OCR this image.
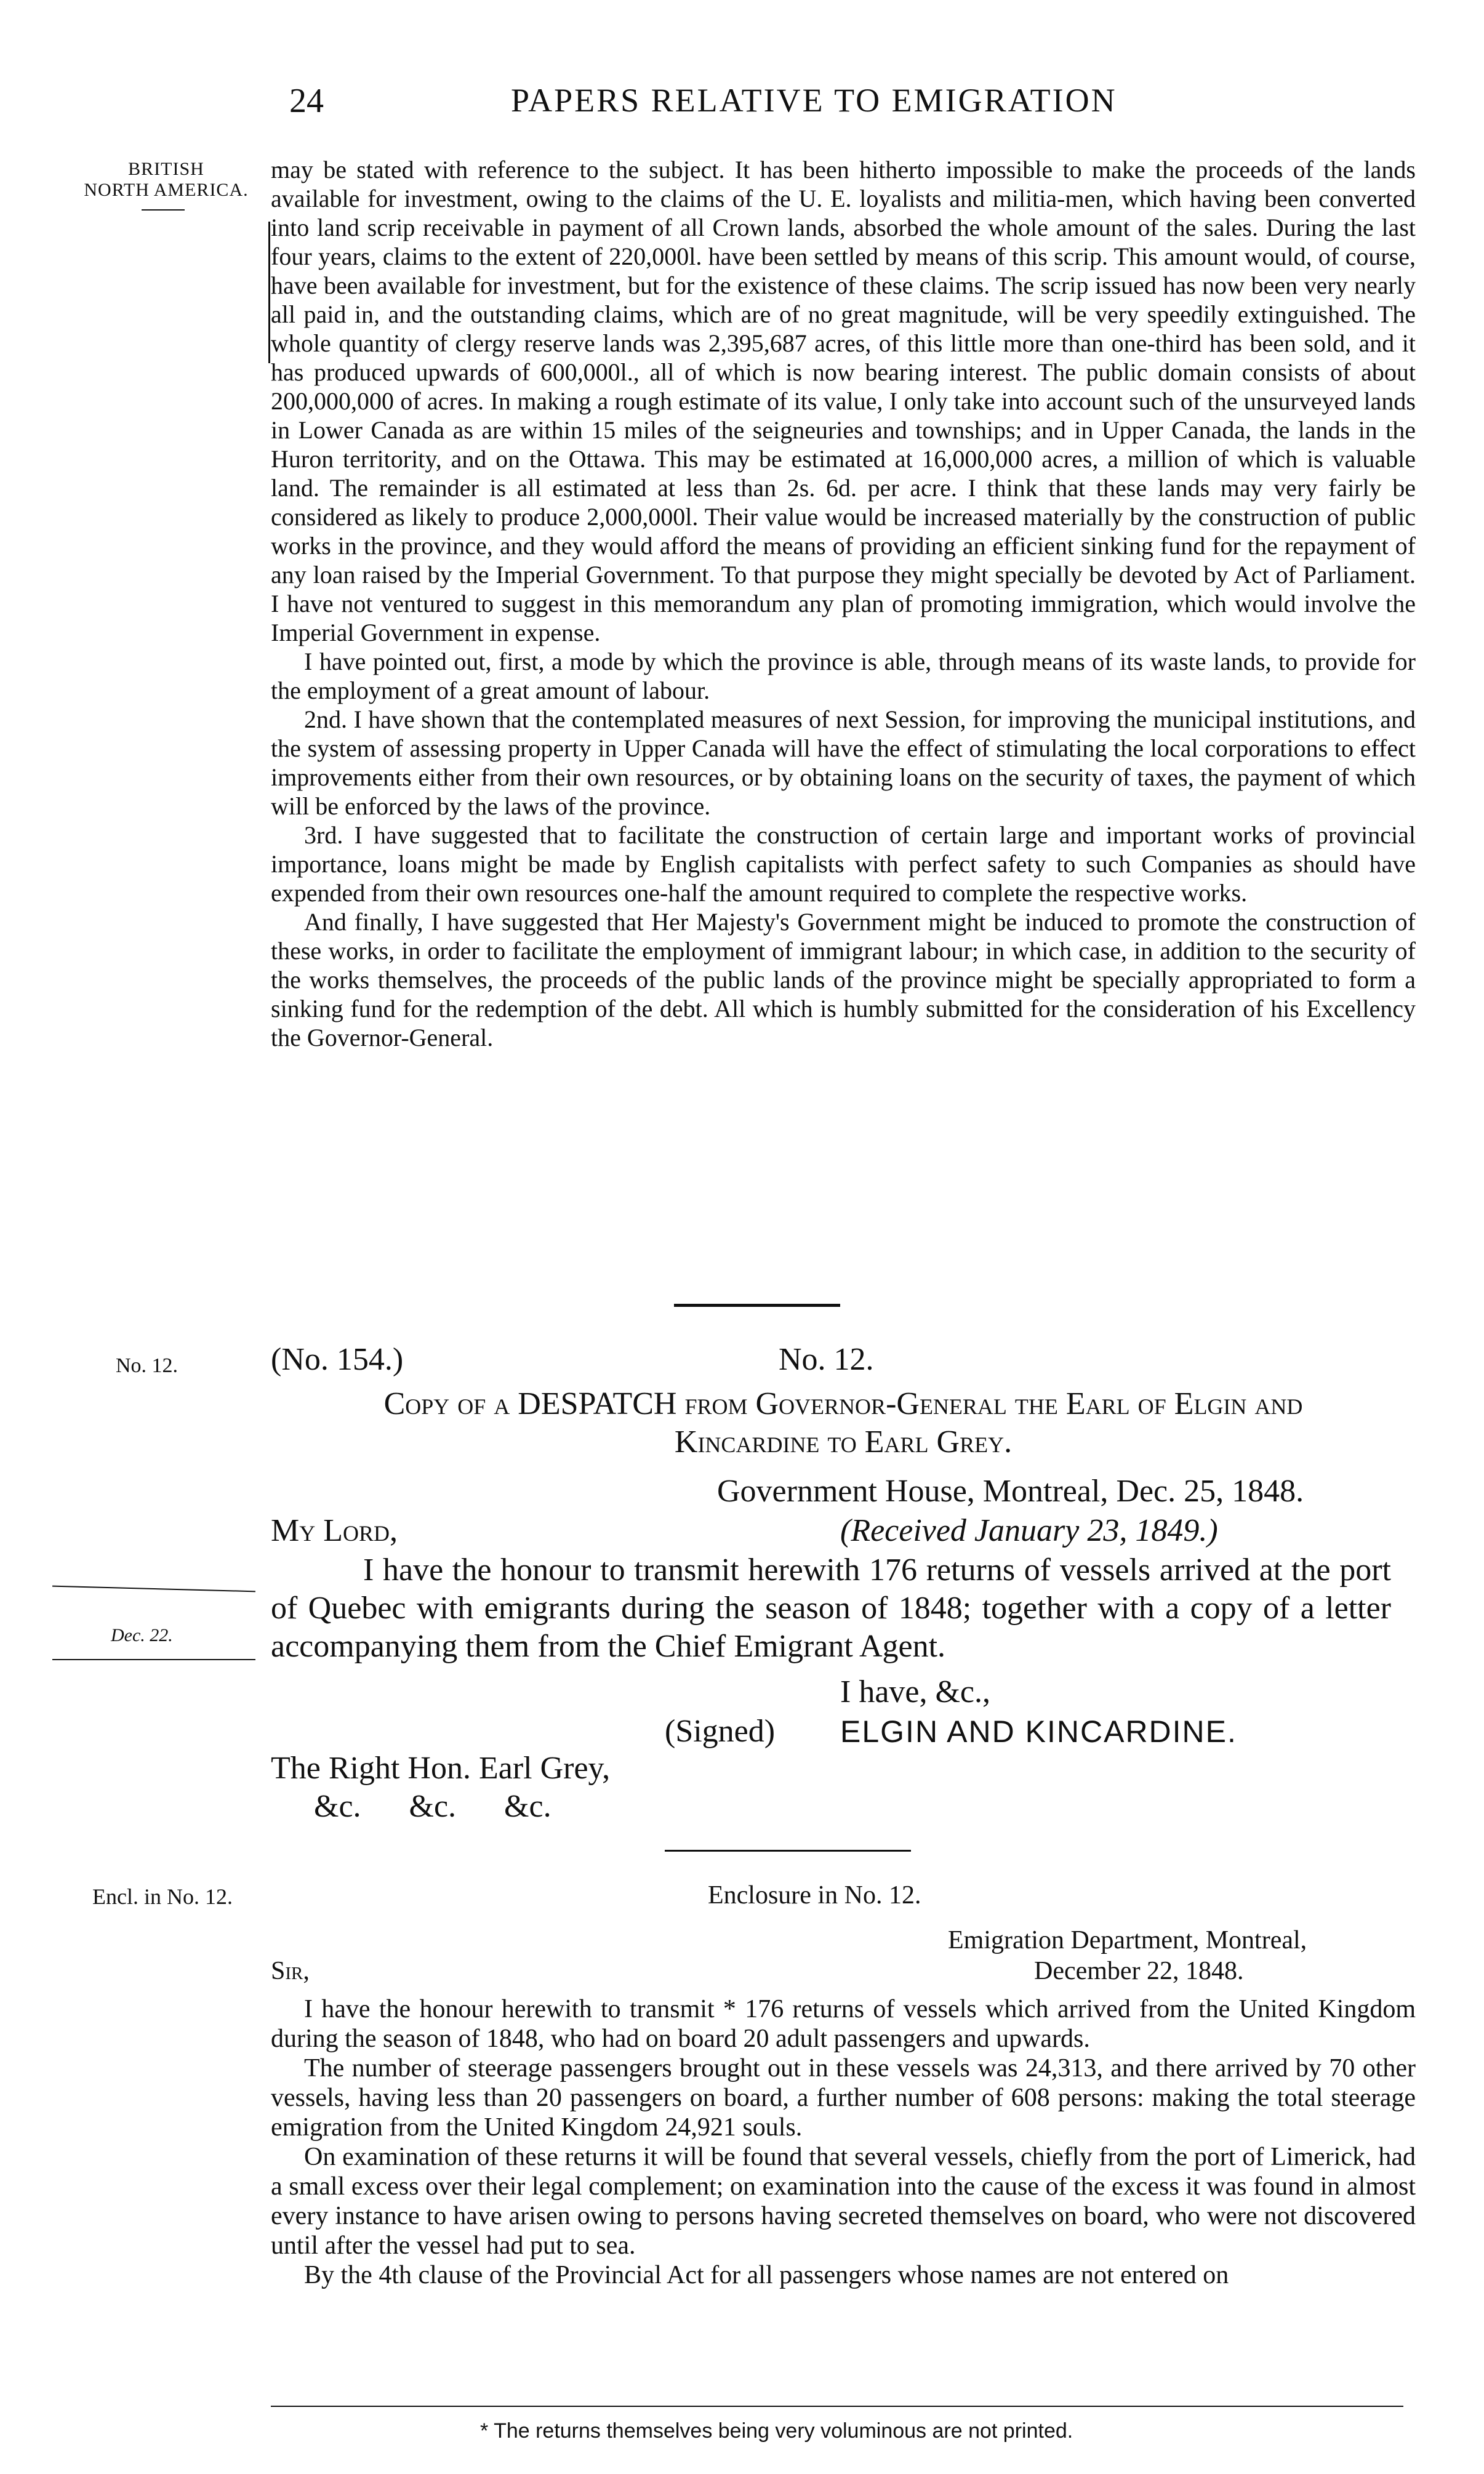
24	PAPERS RELATIVE TO EMIGRATION
BRITISH
NORTH AMERICA.

may be stated with reference to the subject. It has been hitherto impossible to make the proceeds of the lands available for investment, owing to the claims of the U. E. loyalists and militia-men, which having been converted into land scrip receivable in payment of all Crown lands, absorbed the whole amount of the sales. During the last four years, claims to the extent of 220,000l. have been settled by means of this scrip. This amount would, of course, have been available for investment, but for the existence of these claims. The scrip issued has now been very nearly all paid in, and the outstanding claims, which are of no great magnitude, will be very speedily extinguished. The whole quantity of clergy reserve lands was 2,395,687 acres, of this little more than one-third has been sold, and it has produced upwards of 600,000l., all of which is now bearing interest. The public domain consists of about 200,000,000 of acres. In making a rough estimate of its value, I only take into account such of the unsurveyed lands in Lower Canada as are within 15 miles of the seigneuries and townships; and in Upper Canada, the lands in the Huron territority, and on the Ottawa. This may be estimated at 16,000,000 acres, a million of which is valuable land. The remainder is all estimated at less than 2s. 6d. per acre. I think that these lands may very fairly be considered as likely to produce 2,000,000l. Their value would be increased materially by the construction of public works in the province, and they would afford the means of providing an efficient sinking fund for the repayment of any loan raised by the Imperial Government. To that purpose they might specially be devoted by Act of Parliament. I have not ventured to suggest in this memorandum any plan of promoting immigration, which would involve the Imperial Government in expense.

I have pointed out, first, a mode by which the province is able, through means of its waste lands, to provide for the employment of a great amount of labour.

2nd. I have shown that the contemplated measures of next Session, for improving the municipal institutions, and the system of assessing property in Upper Canada will have the effect of stimulating the local corporations to effect improvements either from their own resources, or by obtaining loans on the security of taxes, the payment of which will be enforced by the laws of the province.

3rd. I have suggested that to facilitate the construction of certain large and important works of provincial importance, loans might be made by English capitalists with perfect safety to such Companies as should have expended from their own resources one-half the amount required to complete the respective works.

And finally, I have suggested that Her Majesty's Government might be induced to promote the construction of these works, in order to facilitate the employment of immigrant labour; in which case, in addition to the security of the works themselves, the proceeds of the public lands of the province might be specially appropriated to form a sinking fund for the redemption of the debt. All which is humbly submitted for the consideration of his Excellency the Governor-General.

No. 12.	(No. 154.)	No. 12.
Copy of a DESPATCH from Governor-General the Earl of Elgin and
Kincardine to Earl Grey.
Government House, Montreal, Dec. 25, 1848.
My Lord,	(Received January 23, 1849.)
Dec. 22.
I have the honour to transmit herewith 176 returns of vessels arrived at the port of Quebec with emigrants during the season of 1848; together with a copy of a letter accompanying them from the Chief Emigrant Agent.
I have, &c.,
(Signed) ELGIN AND KINCARDINE.
The Right Hon. Earl Grey,
&c.      &c.      &c.
Encl. in No. 12.	Enclosure in No. 12.
Emigration Department, Montreal,
Sir,	December 22, 1848.

I have the honour herewith to transmit * 176 returns of vessels which arrived from the United Kingdom during the season of 1848, who had on board 20 adult passengers and upwards.

The number of steerage passengers brought out in these vessels was 24,313, and there arrived by 70 other vessels, having less than 20 passengers on board, a further number of 608 persons: making the total steerage emigration from the United Kingdom 24,921 souls.

On examination of these returns it will be found that several vessels, chiefly from the port of Limerick, had a small excess over their legal complement; on examination into the cause of the excess it was found in almost every instance to have arisen owing to persons having secreted themselves on board, who were not discovered until after the vessel had put to sea.

By the 4th clause of the Provincial Act for all passengers whose names are not entered on

* The returns themselves being very voluminous are not printed.
